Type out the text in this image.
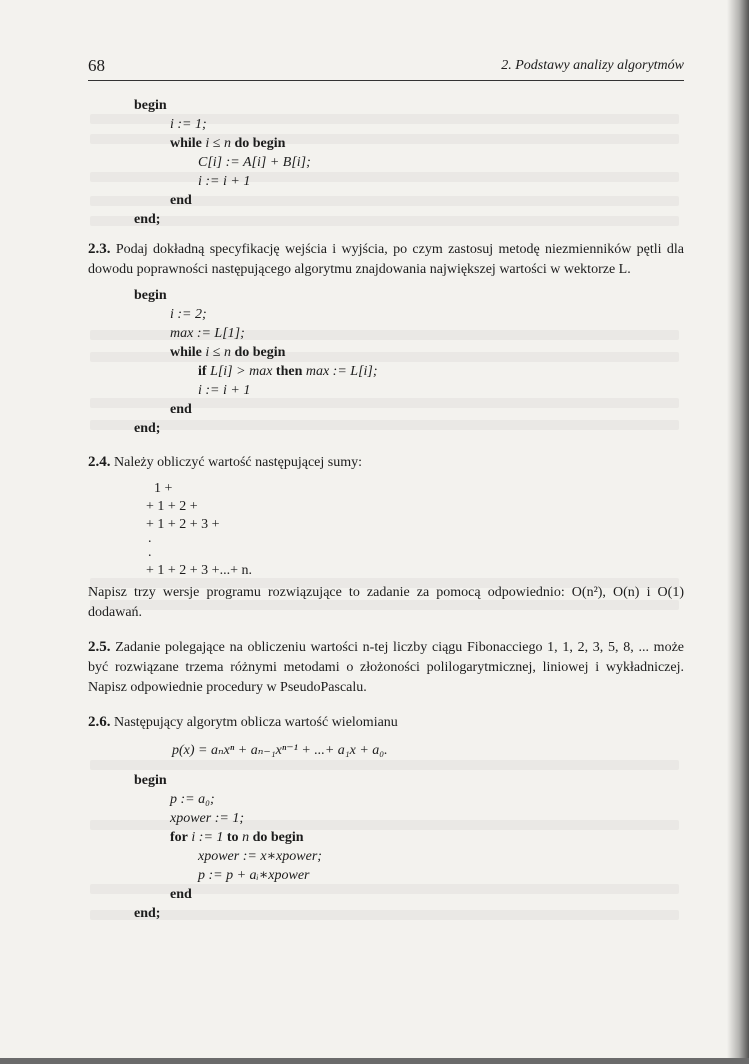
68	2. Podstawy analizy algorytmów
begin
i := 1;
while i ≤ n do begin
C[i] := A[i] + B[i];
i := i + 1
end
end;

2.3. Podaj dokładną specyfikację wejścia i wyjścia, po czym zastosuj metodę niezmienników pętli dla dowodu poprawności następującego algorytmu znajdowania największej wartości w wektorze L.

begin
i := 2;
max := L[1];
while i ≤ n do begin
if L[i] > max then max := L[i];
i := i + 1
end
end;

2.4. Należy obliczyć wartość następującej sumy:

1 +
+ 1 + 2 +
+ 1 + 2 + 3 +
.
.
+ 1 + 2 + 3 +...+ n.

Napisz trzy wersje programu rozwiązujące to zadanie za pomocą odpowiednio: O(n²), O(n) i O(1) dodawań.

2.5. Zadanie polegające na obliczeniu wartości n-tej liczby ciągu Fibonacciego 1, 1, 2, 3, 5, 8, ... może być rozwiązane trzema różnymi metodami o złożoności polilogarytmicznej, liniowej i wykładniczej. Napisz odpowiednie procedury w PseudoPascalu.

2.6. Następujący algorytm oblicza wartość wielomianu

p(x) = aₙxⁿ + aₙ₋₁xⁿ⁻¹ + ...+ a₁x + a₀.
begin
p := a₀;
xpower := 1;
for i := 1 to n do begin
xpower := x∗xpower;
p := p + aᵢ∗xpower
end
end;
